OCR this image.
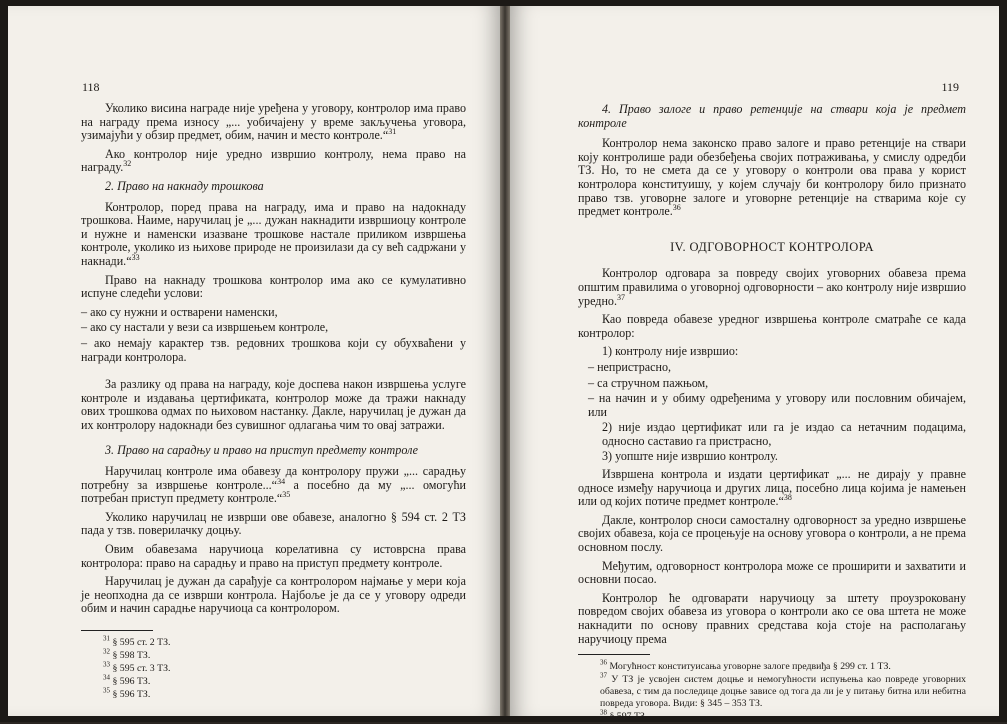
118

Уколико висина награде није уређена у уговору, контролор има право на награду према износу „... уобичајену у време закључења уговора, узимајући у обзир предмет, обим, начин и место контроле.“$^{31}$

Ако контролор није уредно извршио контролу, нема право на награду.$^{32}$

2. Право на накнаду трошкова

Контролор, поред права на награду, има и право на надокнаду трошкова. Наиме, наручилац је „... дужан накнадити извршиоцу контроле и нужне и наменски изазване трошкове настале приликом извршења контроле, уколико из њихове природе не произилази да су већ садржани у накнади.“$^{33}$

Право на накнаду трошкова контролор има ако се кумулативно испуне следећи услови:

– ако су нужни и остварени наменски,
– ако су настали у вези са извршењем контроле,
– ако немају карактер тзв. редовних трошкова који су обухваћени у награди контролора.

За разлику од права на награду, које доспева након извршења услуге контроле и издавања цертификата, контролор може да тражи накнаду ових трошкова одмах по њиховом настанку. Дакле, наручилац је дужан да их контролору надокнади без сувишног одлагања чим то овај затражи.

3. Право на сарадњу и право на приступ предмету контроле

Наручилац контроле има обавезу да контролору пружи „... сарадњу потребну за извршење контроле...“$^{34}$ а посебно да му „... омогући потребан приступ предмету контроле.“$^{35}$

Уколико наручилац не изврши ове обавезе, аналогно § 594 ст. 2 ТЗ пада у тзв. поверилачку доцњу.

Овим обавезама наручиоца корелативна су истоврсна права контролора: право на сарадњу и право на приступ предмету контроле.

Наручилац је дужан да сарађује са контролором најмање у мери која је неопходна да се изврши контрола. Најбоље је да се у уговору одреди обим и начин сарадње наручиоца са контролором.

$^{31}$ § 595 ст. 2 ТЗ.
$^{32}$ § 598 ТЗ.
$^{33}$ § 595 ст. 3 ТЗ.
$^{34}$ § 596 ТЗ.
$^{35}$ § 596 ТЗ.
119
4. Право залоге и право ретенције на ствари која је предмет контроле

Контролор нема законско право залоге и право ретенције на ствари коју контролише ради обезбеђења својих потраживања, у смислу одредби ТЗ. Но, то не смета да се у уговору о контроли ова права у корист контролора конституишу, у којем случају би контролору било признато право тзв. уговорне залоге и уговорне ретенције на стварима које су предмет контроле.$^{36}$

IV. ОДГОВОРНОСТ КОНТРОЛОРА

Контролор одговара за повреду својих уговорних обавеза према општим правилима о уговорној одговорности – ако контролу није извршио уредно.$^{37}$

Као повреда обавезе уредног извршења контроле сматраће се када контролор:

1) контролу није извршио:
– непристрасно,
– са стручном пажњом,
– на начин и у обиму одређенима у уговору или пословним обичајем, или
2) није издао цертификат или га је издао са нетачним подацима, односно саставио га пристрасно,
3) уопште није извршио контролу.

Извршена контрола и издати цертификат „... не дирају у правне односе између наручиоца и других лица, посебно лица којима је намењен или од којих потиче предмет контроле.“$^{38}$

Дакле, контролор сноси самосталну одговорност за уредно извршење својих обавеза, која се процењује на основу уговора о контроли, а не према основном послу.

Међутим, одговорност контролора може се проширити и захватити и основни посао.

Контролор ће одговарати наручиоцу за штету проузроковану повредом својих обавеза из уговора о контроли ако се ова штета не може накнадити по основу правних средстава која стоје на располагању наручиоцу према

$^{36}$ Могућност конституисања уговорне залоге предвиђа § 299 ст. 1 ТЗ.
$^{37}$ У ТЗ је усвојен систем доцње и немогућности испуњења као повреде уговорних обавеза, с тим да последице доцње зависе од тога да ли је у питању битна или небитна повреда уговора. Види: § 345 – 353 ТЗ.
$^{38}$ § 597 ТЗ.
